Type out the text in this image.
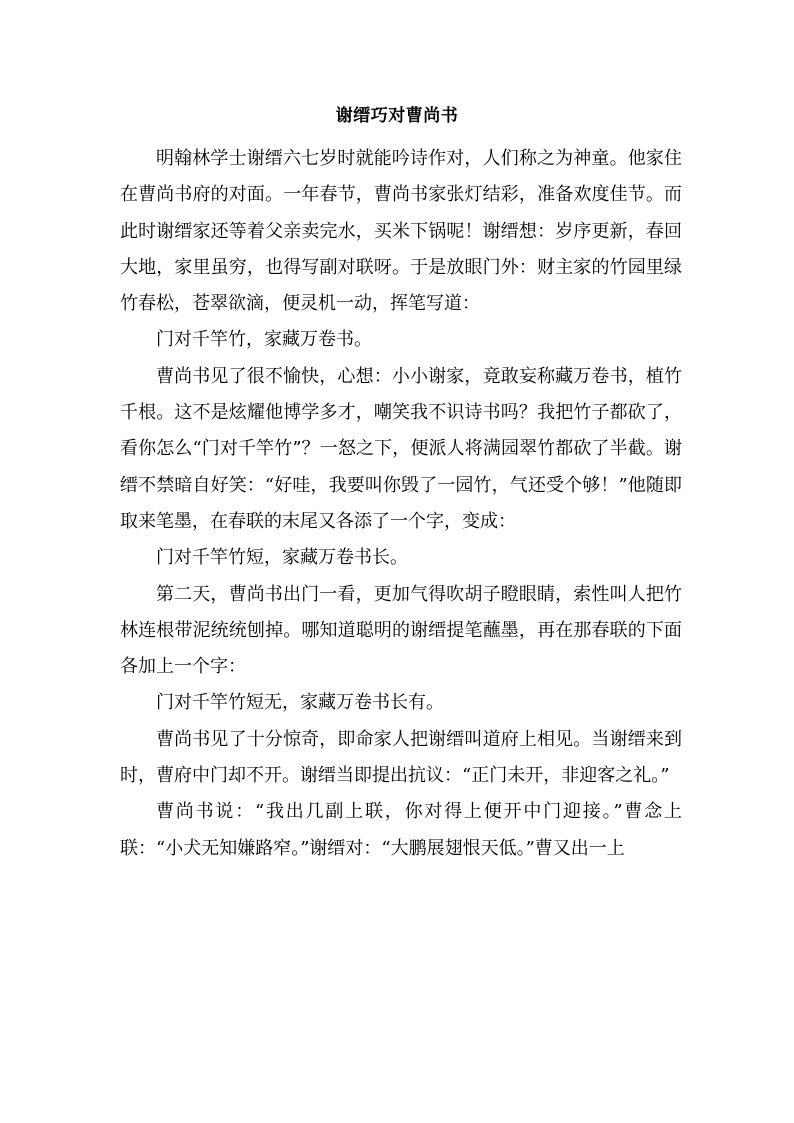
谢缙巧对曹尚书

明翰林学士谢缙六七岁时就能吟诗作对，人们称之为神童。他家住在曹尚书府的对面。一年春节，曹尚书家张灯结彩，准备欢度佳节。而此时谢缙家还等着父亲卖完水，买米下锅呢！谢缙想：岁序更新，春回大地，家里虽穷，也得写副对联呀。于是放眼门外：财主家的竹园里绿竹春松，苍翠欲滴，便灵机一动，挥笔写道：

门对千竿竹，家藏万卷书。

曹尚书见了很不愉快，心想：小小谢家，竟敢妄称藏万卷书，植竹千根。这不是炫耀他博学多才，嘲笑我不识诗书吗？我把竹子都砍了，看你怎么“门对千竿竹”？一怒之下，便派人将满园翠竹都砍了半截。谢缙不禁暗自好笑：“好哇，我要叫你毁了一园竹，气还受个够！”他随即取来笔墨，在春联的末尾又各添了一个字，变成：

门对千竿竹短，家藏万卷书长。

第二天，曹尚书出门一看，更加气得吹胡子瞪眼睛，索性叫人把竹林连根带泥统统刨掉。哪知道聪明的谢缙提笔蘸墨，再在那春联的下面各加上一个字：

门对千竿竹短无，家藏万卷书长有。

曹尚书见了十分惊奇，即命家人把谢缙叫道府上相见。当谢缙来到时，曹府中门却不开。谢缙当即提出抗议：“正门未开，非迎客之礼。”

曹尚书说：“我出几副上联，你对得上便开中门迎接。”曹念上联：“小犬无知嫌路窄。”谢缙对：“大鹏展翅恨天低。”曹又出一上
